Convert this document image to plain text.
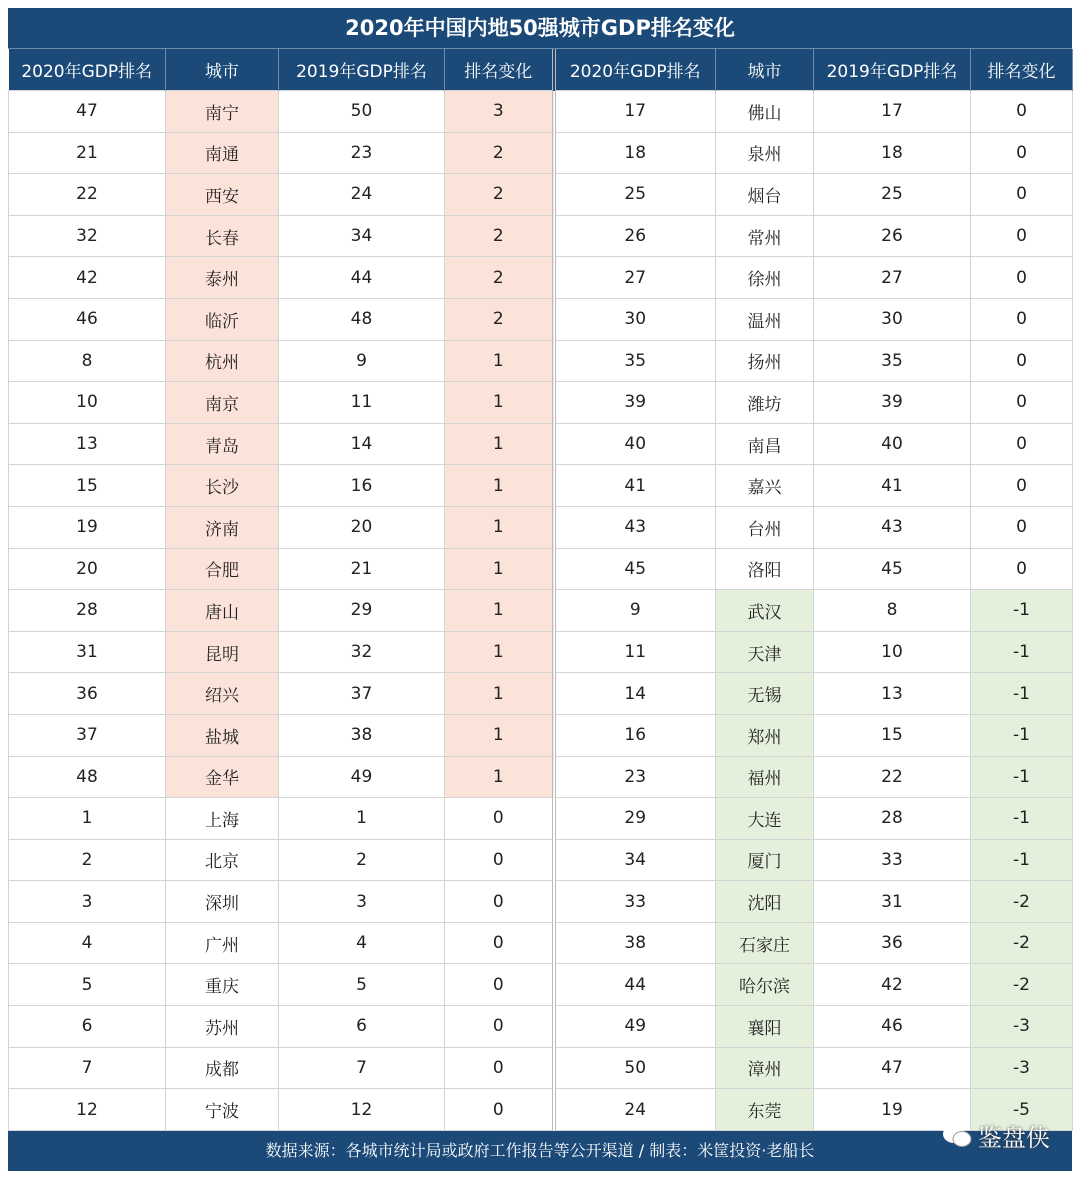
2020年中国内地50强城市GDP排名变化
2020年GDP排名	城市	2019年GDP排名	排名变化	2020年GDP排名	城市	2019年GDP排名	排名变化
47	南宁	50	3	17	佛山	17	0
21	南通	23	2	18	泉州	18	0
22	西安	24	2	25	烟台	25	0
32	长春	34	2	26	常州	26	0
42	泰州	44	2	27	徐州	27	0
46	临沂	48	2	30	温州	30	0
8	杭州	9	1	35	扬州	35	0
10	南京	11	1	39	潍坊	39	0
13	青岛	14	1	40	南昌	40	0
15	长沙	16	1	41	嘉兴	41	0
19	济南	20	1	43	台州	43	0
20	合肥	21	1	45	洛阳	45	0
28	唐山	29	1	9	武汉	8	-1
31	昆明	32	1	11	天津	10	-1
36	绍兴	37	1	14	无锡	13	-1
37	盐城	38	1	16	郑州	15	-1
48	金华	49	1	23	福州	22	-1
1	上海	1	0	29	大连	28	-1
2	北京	2	0	34	厦门	33	-1
3	深圳	3	0	33	沈阳	31	-2
4	广州	4	0	38	石家庄	36	-2
5	重庆	5	0	44	哈尔滨	42	-2
6	苏州	6	0	49	襄阳	46	-3
7	成都	7	0	50	漳州	47	-3
12	宁波	12	0	24	东莞	19	-5
数据来源：各城市统计局或政府工作报告等公开渠道 / 制表：米筐投资·老船长	鉴盘侠
